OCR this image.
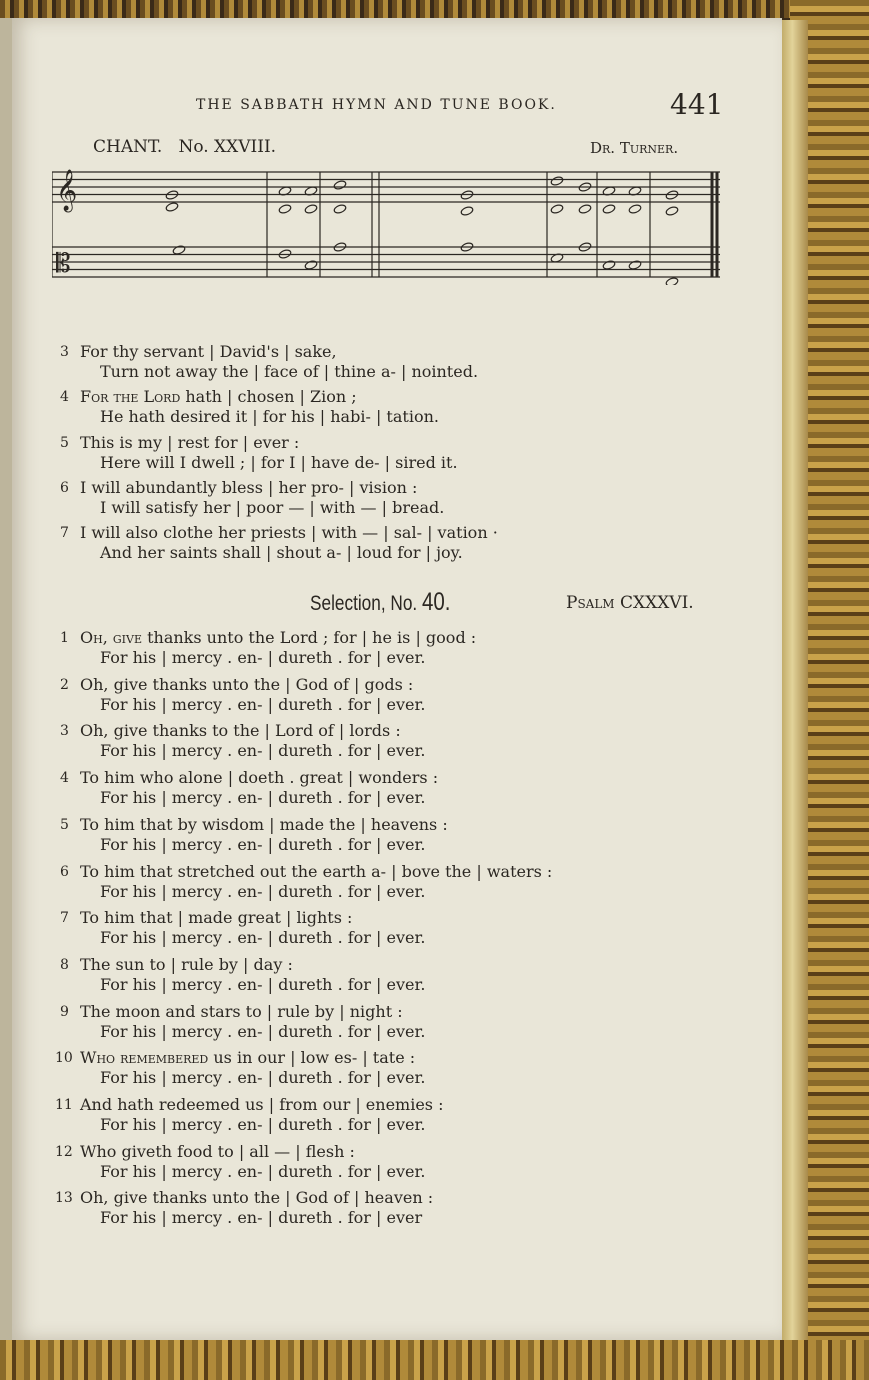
THE SABBATH HYMN AND TUNE BOOK.	441
CHANT.   No. XXVIII.	Dr. Turner.
𝄞
𝄡
3 For thy servant | David's | sake,
Turn not away the | face of | thine a- | nointed.
4 For the Lord hath | chosen | Zion ;
He hath desired it | for his | habi- | tation.
5 This is my | rest for | ever :
Here will I dwell ; | for I | have de- | sired it.
6 I will abundantly bless | her pro- | vision :
I will satisfy her | poor — | with — | bread.
7 I will also clothe her priests | with — | sal- | vation ·
And her saints shall | shout a- | loud for | joy.
Selection, No. 40.	Psalm CXXXVI.
1 Oh, give thanks unto the Lord ; for | he is | good :
For his | mercy . en- | dureth . for | ever.
2 Oh, give thanks unto the | God of | gods :
For his | mercy . en- | dureth . for | ever.
3 Oh, give thanks to the | Lord of | lords :
For his | mercy . en- | dureth . for | ever.
4 To him who alone | doeth . great | wonders :
For his | mercy . en- | dureth . for | ever.
5 To him that by wisdom | made the | heavens :
For his | mercy . en- | dureth . for | ever.
6 To him that stretched out the earth a- | bove the | waters :
For his | mercy . en- | dureth . for | ever.
7 To him that | made great | lights :
For his | mercy . en- | dureth . for | ever.
8 The sun to | rule by | day :
For his | mercy . en- | dureth . for | ever.
9 The moon and stars to | rule by | night :
For his | mercy . en- | dureth . for | ever.
10 Who remembered us in our | low es- | tate :
For his | mercy . en- | dureth . for | ever.
11 And hath redeemed us | from our | enemies :
For his | mercy . en- | dureth . for | ever.
12 Who giveth food to | all — | flesh :
For his | mercy . en- | dureth . for | ever.
13 Oh, give thanks unto the | God of | heaven :
For his | mercy . en- | dureth . for | ever
